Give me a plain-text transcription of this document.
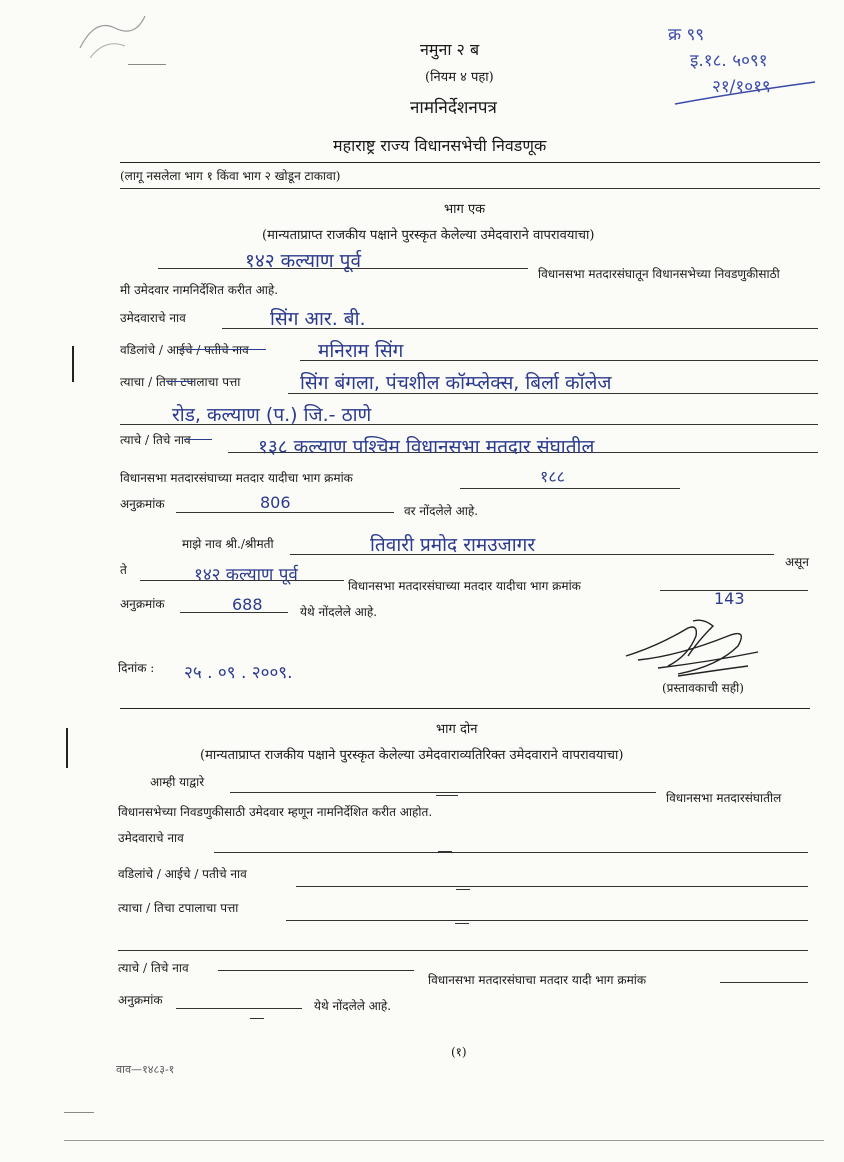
नमुना २ ब
(नियम ४ पहा)
नामनिर्देशनपत्र
महाराष्ट्र राज्य विधानसभेची निवडणूक
(लागू नसलेला भाग १ किंवा भाग २ खोडून टाकावा)
क्र ९९
इ.१८. ५०९१
२१/१०१९
भाग एक
(मान्यताप्राप्त राजकीय पक्षाने पुरस्कृत केलेल्या उमेदवाराने वापरावयाचा)
१४२ कल्याण पूर्व
विधानसभा मतदारसंघातून विधानसभेच्या निवडणुकीसाठी
मी उमेदवार नामनिर्देशित करीत आहे.
उमेदवाराचे नाव	सिंग आर. बी.
वडिलांचे / आईचे / पतीचे नाव	मनिराम सिंग
त्याचा / तिचा टपालाचा पत्ता	सिंग बंगला, पंचशील कॉम्प्लेक्स, बिर्ला कॉलेज
रोड, कल्याण (प.) जि.- ठाणे
त्याचे / तिचे नाव	१३८ कल्याण पश्चिम विधानसभा मतदार संघातील
विधानसभा मतदारसंघाच्या मतदार यादीचा भाग क्रमांक	१८८
अनुक्रमांक	806	वर नोंदलेले आहे.
माझे नाव श्री./श्रीमती	तिवारी प्रमोद रामउजागर
असून
ते	१४२ कल्याण पूर्व
विधानसभा मतदारसंघाच्या मतदार यादीचा भाग क्रमांक
143
अनुक्रमांक	688	येथे नोंदलेले आहे.
दिनांक : २५ . ०९ . २००९.
(प्रस्तावकाची सही)
भाग दोन
(मान्यताप्राप्त राजकीय पक्षाने पुरस्कृत केलेल्या उमेदवाराव्यतिरिक्त उमेदवाराने वापरावयाचा)
आम्ही याद्वारे
विधानसभा मतदारसंघातील
विधानसभेच्या निवडणुकीसाठी उमेदवार म्हणून नामनिर्देशित करीत आहोत.
उमेदवाराचे नाव
वडिलांचे / आईचे / पतीचे नाव
त्याचा / तिचा टपालाचा पत्ता
त्याचे / तिचे नाव
विधानसभा मतदारसंघाचा मतदार यादी भाग क्रमांक
अनुक्रमांक	येथे नोंदलेले आहे.
(१)
वाव—१४८३-१
